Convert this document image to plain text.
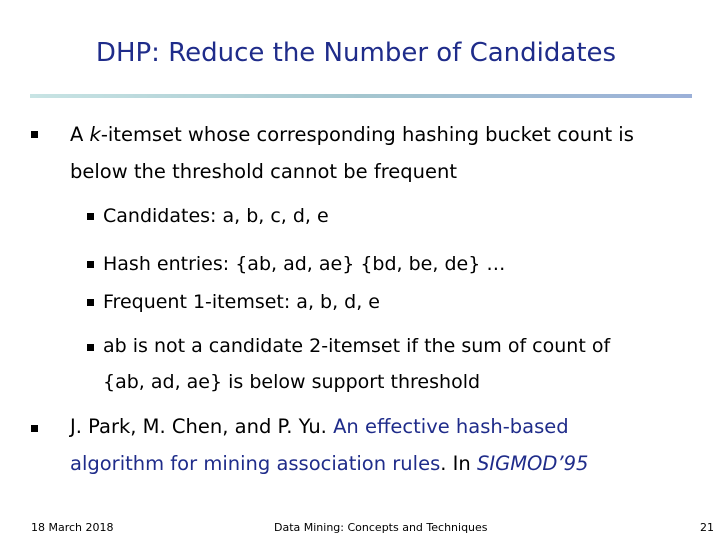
DHP: Reduce the Number of Candidates
A k-itemset whose corresponding hashing bucket count is
below the threshold cannot be frequent
Candidates: a, b, c, d, e
Hash entries: {ab, ad, ae} {bd, be, de} …
Frequent 1-itemset: a, b, d, e
ab is not a candidate 2-itemset if the sum of count of
{ab, ad, ae} is below support threshold
J. Park, M. Chen, and P. Yu. An effective hash-based
algorithm for mining association rules. In SIGMOD’95
18 March 2018	Data Mining: Concepts and Techniques	21
